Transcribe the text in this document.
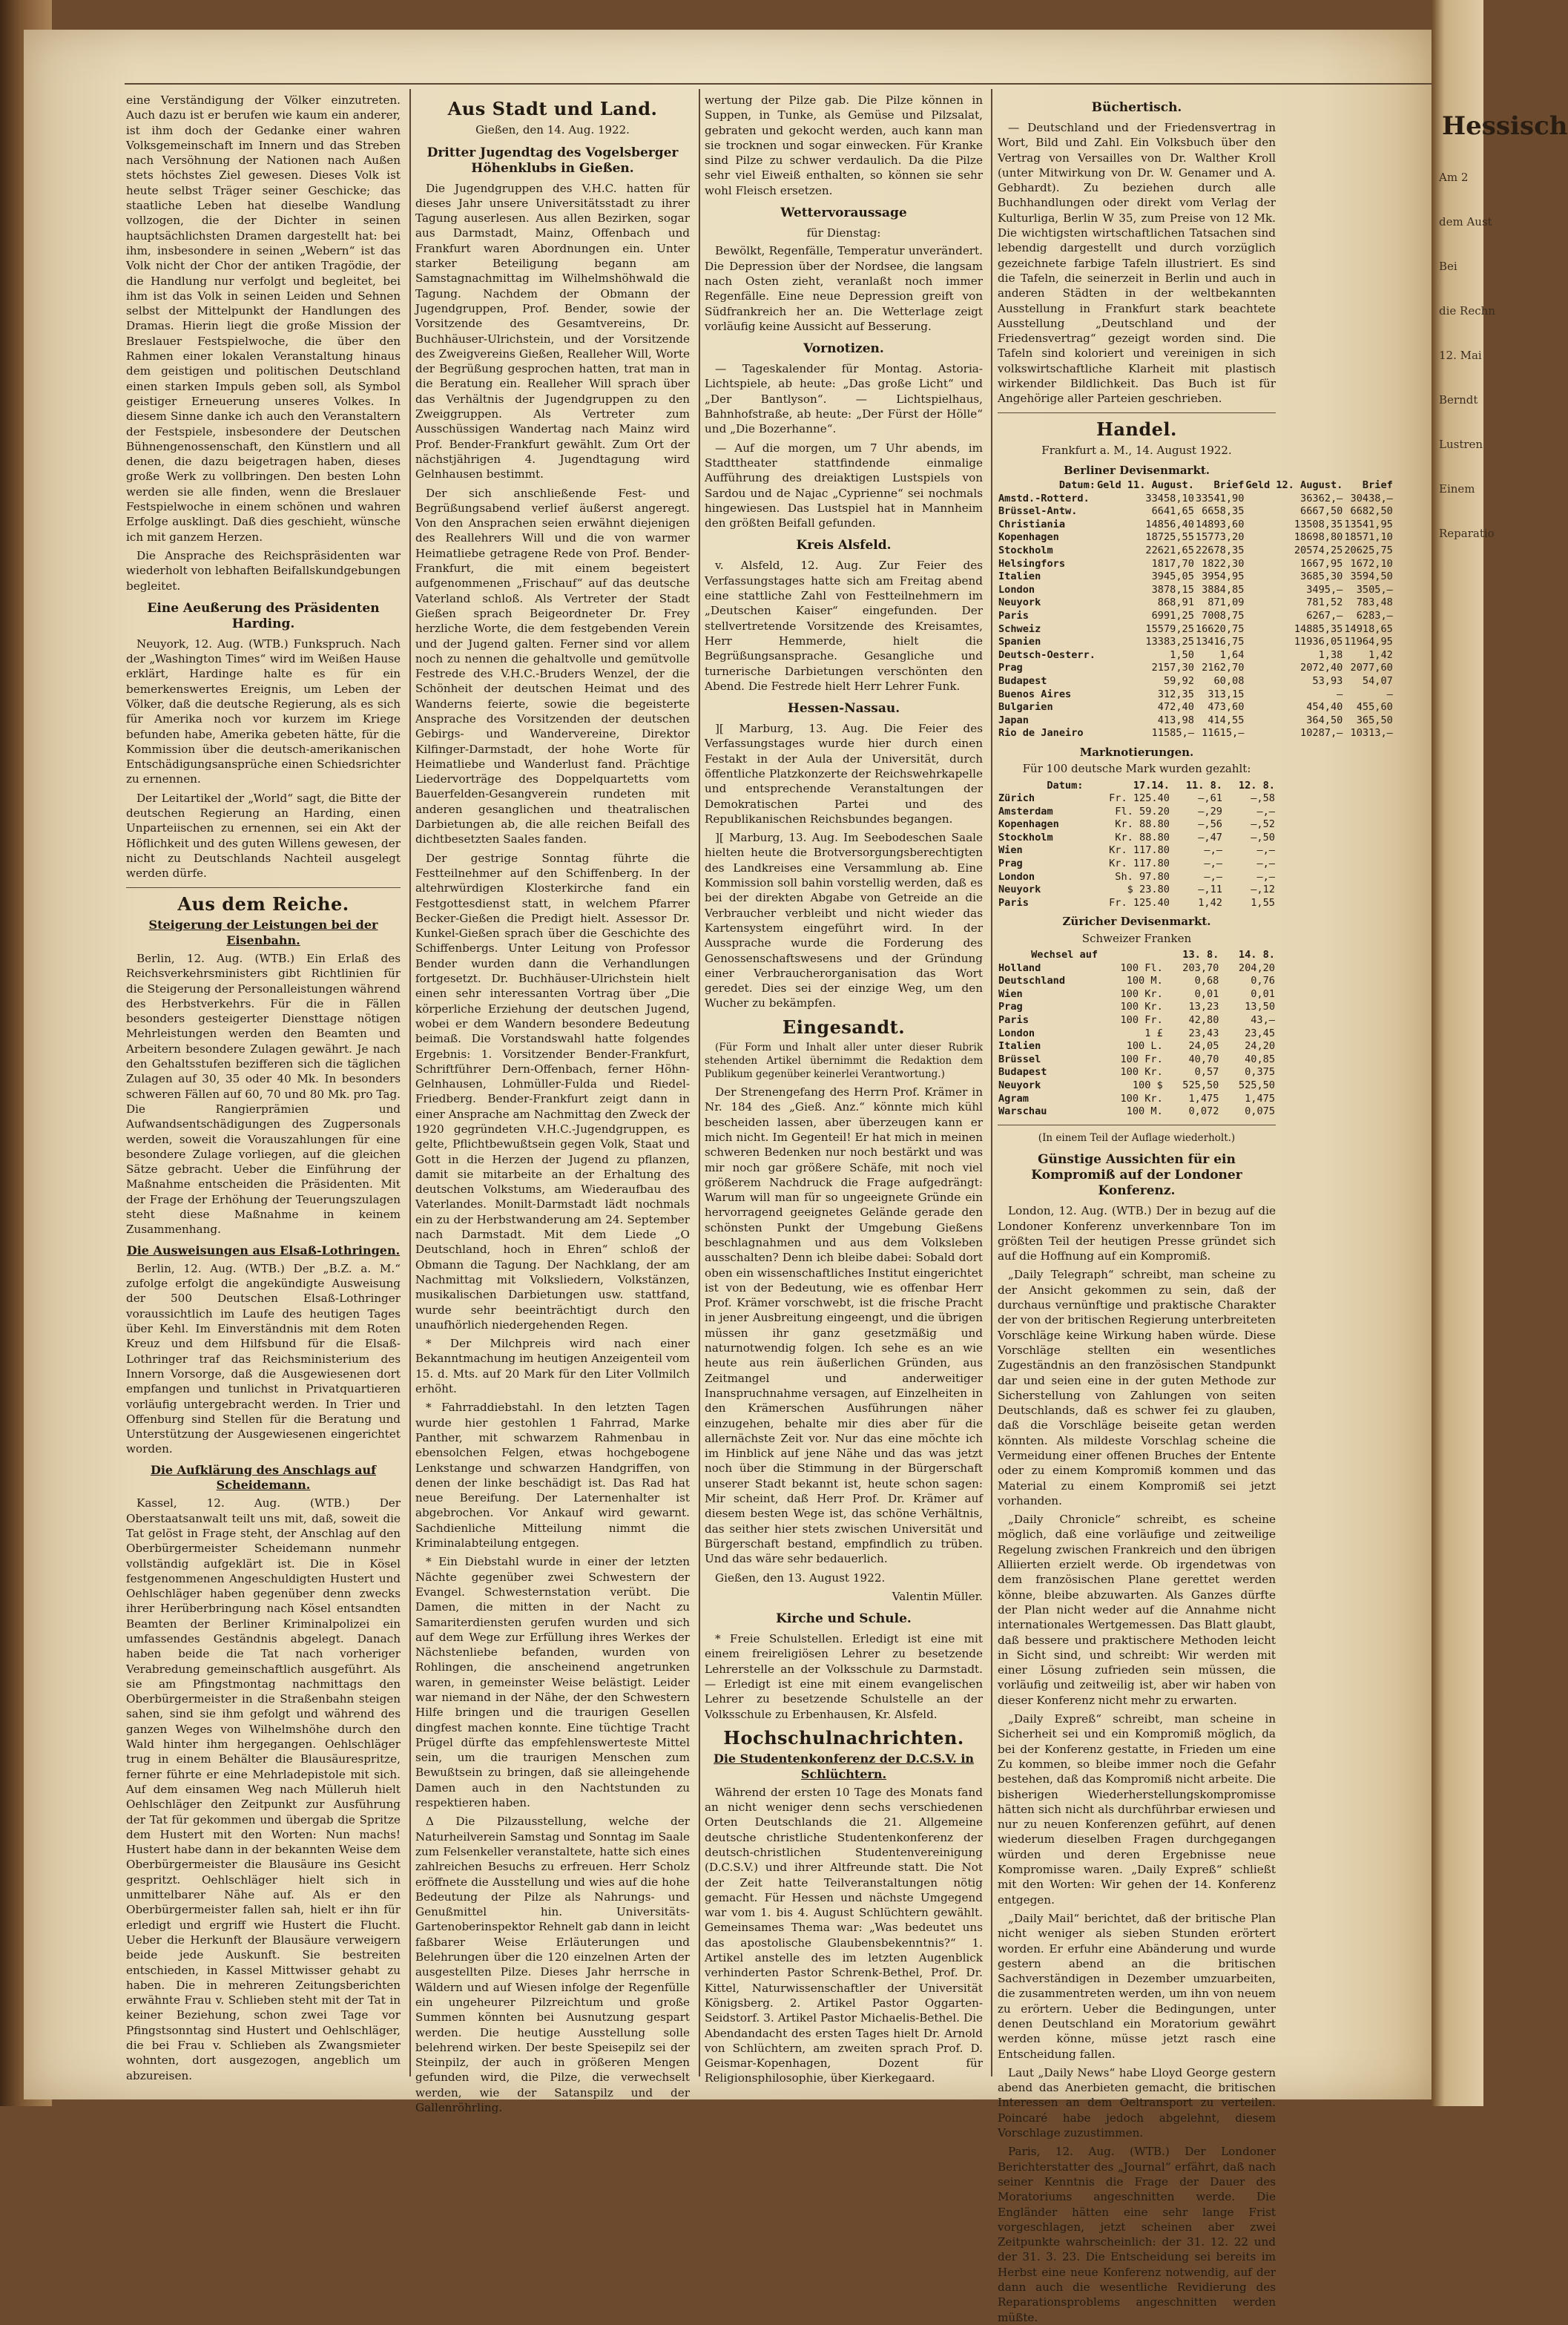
eine Verständigung der Völker einzutreten. Auch dazu ist er berufen wie kaum ein anderer, ist ihm doch der Gedanke einer wahren Volksgemeinschaft im Innern und das Streben nach Versöhnung der Nationen nach Außen stets höchstes Ziel gewesen. Dieses Volk ist heute selbst Träger seiner Geschicke; das staatliche Leben hat dieselbe Wandlung vollzogen, die der Dichter in seinen hauptsächlichsten Dramen dargestellt hat: bei ihm, insbesondere in seinen „Webern“ ist das Volk nicht der Chor der antiken Tragödie, der die Handlung nur verfolgt und begleitet, bei ihm ist das Volk in seinen Leiden und Sehnen selbst der Mittelpunkt der Handlungen des Dramas. Hierin liegt die große Mission der Breslauer Festspielwoche, die über den Rahmen einer lokalen Veranstaltung hinaus dem geistigen und politischen Deutschland einen starken Impuls geben soll, als Symbol geistiger Erneuerung unseres Volkes. In diesem Sinne danke ich auch den Veranstaltern der Festspiele, insbesondere der Deutschen Bühnengenossenschaft, den Künstlern und all denen, die dazu beigetragen haben, dieses große Werk zu vollbringen. Den besten Lohn werden sie alle finden, wenn die Breslauer Festspielwoche in einem schönen und wahren Erfolge ausklingt. Daß dies geschieht, wünsche ich mit ganzem Herzen.

Die Ansprache des Reichspräsidenten war wiederholt von lebhaften Beifallskundgebungen begleitet.

Eine Aeußerung des Präsidenten Harding.

Neuyork, 12. Aug. (WTB.) Funkspruch. Nach der „Washington Times“ wird im Weißen Hause erklärt, Hardinge halte es für ein bemerkenswertes Ereignis, um Leben der Völker, daß die deutsche Regierung, als es sich für Amerika noch vor kurzem im Kriege befunden habe, Amerika gebeten hätte, für die Kommission über die deutsch-amerikanischen Entschädigungsansprüche einen Schiedsrichter zu ernennen.

Der Leitartikel der „World“ sagt, die Bitte der deutschen Regierung an Harding, einen Unparteiischen zu ernennen, sei ein Akt der Höflichkeit und des guten Willens gewesen, der nicht zu Deutschlands Nachteil ausgelegt werden dürfe.

Aus dem Reiche.
Steigerung der Leistungen bei der Eisenbahn.

Berlin, 12. Aug. (WTB.) Ein Erlaß des Reichsverkehrsministers gibt Richtlinien für die Steigerung der Personalleistungen während des Herbstverkehrs. Für die in Fällen besonders gesteigerter Diensttage nötigen Mehrleistungen werden den Beamten und Arbeitern besondere Zulagen gewährt. Je nach den Gehaltsstufen bezifferen sich die täglichen Zulagen auf 30, 35 oder 40 Mk. In besonders schweren Fällen auf 60, 70 und 80 Mk. pro Tag. Die Rangierprämien und Aufwandsentschädigungen des Zugpersonals werden, soweit die Vorauszahlungen für eine besondere Zulage vorliegen, auf die gleichen Sätze gebracht. Ueber die Einführung der Maßnahme entscheiden die Präsidenten. Mit der Frage der Erhöhung der Teuerungszulagen steht diese Maßnahme in keinem Zusammenhang.

Die Ausweisungen aus Elsaß-Lothringen.

Berlin, 12. Aug. (WTB.) Der „B.Z. a. M.“ zufolge erfolgt die angekündigte Ausweisung der 500 Deutschen Elsaß-Lothringer voraussichtlich im Laufe des heutigen Tages über Kehl. Im Einverständnis mit dem Roten Kreuz und dem Hilfsbund für die Elsaß-Lothringer traf das Reichsministerium des Innern Vorsorge, daß die Ausgewiesenen dort empfangen und tunlichst in Privatquartieren vorläufig untergebracht werden. In Trier und Offenburg sind Stellen für die Beratung und Unterstützung der Ausgewiesenen eingerichtet worden.

Die Aufklärung des Anschlags auf Scheidemann.

Kassel, 12. Aug. (WTB.) Der Oberstaatsanwalt teilt uns mit, daß, soweit die Tat gelöst in Frage steht, der Anschlag auf den Oberbürgermeister Scheidemann nunmehr vollständig aufgeklärt ist. Die in Kösel festgenommenen Angeschuldigten Hustert und Oehlschläger haben gegenüber denn zwecks ihrer Herüberbringung nach Kösel entsandten Beamten der Berliner Kriminalpolizei ein umfassendes Geständnis abgelegt. Danach haben beide die Tat nach vorheriger Verabredung gemeinschaftlich ausgeführt. Als sie am Pfingstmontag nachmittags den Oberbürgermeister in die Straßenbahn steigen sahen, sind sie ihm gefolgt und während des ganzen Weges von Wilhelmshöhe durch den Wald hinter ihm hergegangen. Oehlschläger trug in einem Behälter die Blausäurespritze, ferner führte er eine Mehrladepistole mit sich. Auf dem einsamen Weg nach Mülleruh hielt Oehlschläger den Zeitpunkt zur Ausführung der Tat für gekommen und übergab die Spritze dem Hustert mit den Worten: Nun machs! Hustert habe dann in der bekannten Weise dem Oberbürgermeister die Blausäure ins Gesicht gespritzt. Oehlschläger hielt sich in unmittelbarer Nähe auf. Als er den Oberbürgermeister fallen sah, hielt er ihn für erledigt und ergriff wie Hustert die Flucht. Ueber die Herkunft der Blausäure verweigern beide jede Auskunft. Sie bestreiten entschieden, in Kassel Mittwisser gehabt zu haben. Die in mehreren Zeitungsberichten erwähnte Frau v. Schlieben steht mit der Tat in keiner Beziehung, schon zwei Tage vor Pfingstsonntag sind Hustert und Oehlschläger, die bei Frau v. Schlieben als Zwangsmieter wohnten, dort ausgezogen, angeblich um abzureisen.

Aus Stadt und Land.
Gießen, den 14. Aug. 1922.
Dritter Jugendtag des Vogelsberger Höhenklubs in Gießen.

Die Jugendgruppen des V.H.C. hatten für dieses Jahr unsere Universitätsstadt zu ihrer Tagung auserlesen. Aus allen Bezirken, sogar aus Darmstadt, Mainz, Offenbach und Frankfurt waren Abordnungen ein. Unter starker Beteiligung begann am Samstagnachmittag im Wilhelmshöhwald die Tagung. Nachdem der Obmann der Jugendgruppen, Prof. Bender, sowie der Vorsitzende des Gesamtvereins, Dr. Buchhäuser-Ulrichstein, und der Vorsitzende des Zweigvereins Gießen, Realleher Will, Worte der Begrüßung gesprochen hatten, trat man in die Beratung ein. Realleher Will sprach über das Verhältnis der Jugendgruppen zu den Zweiggruppen. Als Vertreter zum Ausschüssigen Wandertag nach Mainz wird Prof. Bender-Frankfurt gewählt. Zum Ort der nächstjährigen 4. Jugendtagung wird Gelnhausen bestimmt.

Der sich anschließende Fest- und Begrüßungsabend verlief äußerst angeregt. Von den Ansprachen seien erwähnt diejenigen des Reallehrers Will und die von warmer Heimatliebe getragene Rede von Prof. Bender-Frankfurt, die mit einem begeistert aufgenommenen „Frischauf“ auf das deutsche Vaterland schloß. Als Vertreter der Stadt Gießen sprach Beigeordneter Dr. Frey herzliche Worte, die dem festgebenden Verein und der Jugend galten. Ferner sind vor allem noch zu nennen die gehaltvolle und gemütvolle Festrede des V.H.C.-Bruders Wenzel, der die Schönheit der deutschen Heimat und des Wanderns feierte, sowie die begeisterte Ansprache des Vorsitzenden der deutschen Gebirgs- und Wandervereine, Direktor Kilfinger-Darmstadt, der hohe Worte für Heimatliebe und Wanderlust fand. Prächtige Liedervorträge des Doppelquartetts vom Bauerfelden-Gesangverein rundeten mit anderen gesanglichen und theatralischen Darbietungen ab, die alle reichen Beifall des dichtbesetzten Saales fanden.

Der gestrige Sonntag führte die Festteilnehmer auf den Schiffenberg. In der altehrwürdigen Klosterkirche fand ein Festgottesdienst statt, in welchem Pfarrer Becker-Gießen die Predigt hielt. Assessor Dr. Kunkel-Gießen sprach über die Geschichte des Schiffenbergs. Unter Leitung von Professor Bender wurden dann die Verhandlungen fortgesetzt. Dr. Buchhäuser-Ulrichstein hielt einen sehr interessanten Vortrag über „Die körperliche Erziehung der deutschen Jugend, wobei er dem Wandern besondere Bedeutung beimaß. Die Vorstandswahl hatte folgendes Ergebnis: 1. Vorsitzender Bender-Frankfurt, Schriftführer Dern-Offenbach, ferner Höhn-Gelnhausen, Lohmüller-Fulda und Riedel-Friedberg. Bender-Frankfurt zeigt dann in einer Ansprache am Nachmittag den Zweck der 1920 gegründeten V.H.C.-Jugendgruppen, es gelte, Pflichtbewußtsein gegen Volk, Staat und Gott in die Herzen der Jugend zu pflanzen, damit sie mitarbeite an der Erhaltung des deutschen Volkstums, am Wiederaufbau des Vaterlandes. Monilt-Darmstadt lädt nochmals ein zu der Herbstwanderung am 24. September nach Darmstadt. Mit dem Liede „O Deutschland, hoch in Ehren“ schloß der Obmann die Tagung. Der Nachklang, der am Nachmittag mit Volksliedern, Volkstänzen, musikalischen Darbietungen usw. stattfand, wurde sehr beeinträchtigt durch den unaufhörlich niedergehenden Regen.

* Der Milchpreis wird nach einer Bekanntmachung im heutigen Anzeigenteil vom 15. d. Mts. auf 20 Mark für den Liter Vollmilch erhöht.

* Fahrraddiebstahl. In den letzten Tagen wurde hier gestohlen 1 Fahrrad, Marke Panther, mit schwarzem Rahmenbau in ebensolchen Felgen, etwas hochgebogene Lenkstange und schwarzen Handgriffen, von denen der linke beschädigt ist. Das Rad hat neue Bereifung. Der Laternenhalter ist abgebrochen. Vor Ankauf wird gewarnt. Sachdienliche Mitteilung nimmt die Kriminalabteilung entgegen.

* Ein Diebstahl wurde in einer der letzten Nächte gegenüber zwei Schwestern der Evangel. Schwesternstation verübt. Die Damen, die mitten in der Nacht zu Samariterdiensten gerufen wurden und sich auf dem Wege zur Erfüllung ihres Werkes der Nächstenliebe befanden, wurden von Rohlingen, die anscheinend angetrunken waren, in gemeinster Weise belästigt. Leider war niemand in der Nähe, der den Schwestern Hilfe bringen und die traurigen Gesellen dingfest machen konnte. Eine tüchtige Tracht Prügel dürfte das empfehlenswerteste Mittel sein, um die traurigen Menschen zum Bewußtsein zu bringen, daß sie alleingehende Damen auch in den Nachtstunden zu respektieren haben.

Δ Die Pilzausstellung, welche der Naturheilverein Samstag und Sonntag im Saale zum Felsenkeller veranstaltete, hatte sich eines zahlreichen Besuchs zu erfreuen. Herr Scholz eröffnete die Ausstellung und wies auf die hohe Bedeutung der Pilze als Nahrungs- und Genußmittel hin. Universitäts-Gartenoberinspektor Rehnelt gab dann in leicht faßbarer Weise Erläuterungen und Belehrungen über die 120 einzelnen Arten der ausgestellten Pilze. Dieses Jahr herrsche in Wäldern und auf Wiesen infolge der Regenfülle ein ungeheurer Pilzreichtum und große Summen könnten bei Ausnutzung gespart werden. Die heutige Ausstellung solle belehrend wirken. Der beste Speisepilz sei der Steinpilz, der auch in größeren Mengen gefunden wird, die Pilze, die verwechselt werden, wie der Satanspilz und der Gallenröhrling.

wertung der Pilze gab. Die Pilze können in Suppen, in Tunke, als Gemüse und Pilzsalat, gebraten und gekocht werden, auch kann man sie trocknen und sogar einwecken. Für Kranke sind Pilze zu schwer verdaulich. Da die Pilze sehr viel Eiweiß enthalten, so können sie sehr wohl Fleisch ersetzen.

Wettervoraussage
für Dienstag:

Bewölkt, Regenfälle, Temperatur unverändert. Die Depression über der Nordsee, die langsam nach Osten zieht, veranlaßt noch immer Regenfälle. Eine neue Depression greift von Südfrankreich her an. Die Wetterlage zeigt vorläufig keine Aussicht auf Besserung.

Vornotizen.

— Tageskalender für Montag. Astoria-Lichtspiele, ab heute: „Das große Licht“ und „Der Bantlyson“. — Lichtspielhaus, Bahnhofstraße, ab heute: „Der Fürst der Hölle“ und „Die Bozerhanne“.

— Auf die morgen, um 7 Uhr abends, im Stadttheater stattfindende einmalige Aufführung des dreiaktigen Lustspiels von Sardou und de Najac „Cyprienne“ sei nochmals hingewiesen. Das Lustspiel hat in Mannheim den größten Beifall gefunden.

Kreis Alsfeld.

v. Alsfeld, 12. Aug. Zur Feier des Verfassungstages hatte sich am Freitag abend eine stattliche Zahl von Festteilnehmern im „Deutschen Kaiser“ eingefunden. Der stellvertretende Vorsitzende des Kreisamtes, Herr Hemmerde, hielt die Begrüßungsansprache. Gesangliche und turnerische Darbietungen verschönten den Abend. Die Festrede hielt Herr Lehrer Funk.

Hessen-Nassau.

][ Marburg, 13. Aug. Die Feier des Verfassungstages wurde hier durch einen Festakt in der Aula der Universität, durch öffentliche Platzkonzerte der Reichswehrkapelle und entsprechende Veranstaltungen der Demokratischen Partei und des Republikanischen Reichsbundes begangen.

][ Marburg, 13. Aug. Im Seebodeschen Saale hielten heute die Brotversorgungsberechtigten des Landkreises eine Versammlung ab. Eine Kommission soll bahin vorstellig werden, daß es bei der direkten Abgabe von Getreide an die Verbraucher verbleibt und nicht wieder das Kartensystem eingeführt wird. In der Aussprache wurde die Forderung des Genossenschaftswesens und der Gründung einer Verbraucherorganisation das Wort geredet. Dies sei der einzige Weg, um den Wucher zu bekämpfen.

Eingesandt.

(Für Form und Inhalt aller unter dieser Rubrik stehenden Artikel übernimmt die Redaktion dem Publikum gegenüber keinerlei Verantwortung.)

Der Strenengefang des Herrn Prof. Krämer in Nr. 184 des „Gieß. Anz.“ könnte mich kühl bescheiden lassen, aber überzeugen kann er mich nicht. Im Gegenteil! Er hat mich in meinen schweren Bedenken nur noch bestärkt und was mir noch gar größere Schäfe, mit noch viel größerem Nachdruck die Frage aufgedrängt: Warum will man für so ungeeignete Gründe ein hervorragend geeignetes Gelände gerade den schönsten Punkt der Umgebung Gießens beschlagnahmen und aus dem Volksleben ausschalten? Denn ich bleibe dabei: Sobald dort oben ein wissenschaftliches Institut eingerichtet ist von der Bedeutung, wie es offenbar Herr Prof. Krämer vorschwebt, ist die frische Pracht in jener Ausbreitung eingeengt, und die übrigen müssen ihr ganz gesetzmäßig und naturnotwendig folgen. Ich sehe es an wie heute aus rein äußerlichen Gründen, aus Zeitmangel und anderweitiger Inanspruchnahme versagen, auf Einzelheiten in den Krämerschen Ausführungen näher einzugehen, behalte mir dies aber für die allernächste Zeit vor. Nur das eine möchte ich im Hinblick auf jene Nähe und das was jetzt noch über die Stimmung in der Bürgerschaft unserer Stadt bekannt ist, heute schon sagen: Mir scheint, daß Herr Prof. Dr. Krämer auf diesem besten Wege ist, das schöne Verhältnis, das seither hier stets zwischen Universität und Bürgerschaft bestand, empfindlich zu trüben. Und das wäre sehr bedauerlich.

Gießen, den 13. August 1922.

Valentin Müller.
Kirche und Schule.

* Freie Schulstellen. Erledigt ist eine mit einem freireligiösen Lehrer zu besetzende Lehrerstelle an der Volksschule zu Darmstadt. — Erledigt ist eine mit einem evangelischen Lehrer zu besetzende Schulstelle an der Volksschule zu Erbenhausen, Kr. Alsfeld.

Hochschulnachrichten.
Die Studentenkonferenz der D.C.S.V. in Schlüchtern.

Während der ersten 10 Tage des Monats fand an nicht weniger denn sechs verschiedenen Orten Deutschlands die 21. Allgemeine deutsche christliche Studentenkonferenz der deutsch-christlichen Studentenvereinigung (D.C.S.V.) und ihrer Altfreunde statt. Die Not der Zeit hatte Teilveranstaltungen nötig gemacht. Für Hessen und nächste Umgegend war vom 1. bis 4. August Schlüchtern gewählt. Gemeinsames Thema war: „Was bedeutet uns das apostolische Glaubensbekenntnis?“ 1. Artikel anstelle des im letzten Augenblick verhinderten Pastor Schrenk-Bethel, Prof. Dr. Kittel, Naturwissenschaftler der Universität Königsberg. 2. Artikel Pastor Oggarten-Seidstorf. 3. Artikel Pastor Michaelis-Bethel. Die Abendandacht des ersten Tages hielt Dr. Arnold von Schlüchtern, am zweiten sprach Prof. D. Geismar-Kopenhagen, Dozent für Religionsphilosophie, über Kierkegaard.

Büchertisch.

— Deutschland und der Friedensvertrag in Wort, Bild und Zahl. Ein Volksbuch über den Vertrag von Versailles von Dr. Walther Kroll (unter Mitwirkung von Dr. W. Genamer und A. Gebhardt). Zu beziehen durch alle Buchhandlungen oder direkt vom Verlag der Kulturliga, Berlin W 35, zum Preise von 12 Mk. Die wichtigsten wirtschaftlichen Tatsachen sind lebendig dargestellt und durch vorzüglich gezeichnete farbige Tafeln illustriert. Es sind die Tafeln, die seinerzeit in Berlin und auch in anderen Städten in der weltbekannten Ausstellung in Frankfurt stark beachtete Ausstellung „Deutschland und der Friedensvertrag“ gezeigt worden sind. Die Tafeln sind koloriert und vereinigen in sich volkswirtschaftliche Klarheit mit plastisch wirkender Bildlichkeit. Das Buch ist für Angehörige aller Parteien geschrieben.

Handel.
Frankfurt a. M., 14. August 1922.
Berliner Devisenmarkt.
Datum:	Geld 11. August.	Brief	Geld 12. August.	Brief
Amstd.-Rotterd.	33458,10	33541,90	36362,—	30438,—
Brüssel-Antw.	6641,65	6658,35	6667,50	6682,50
Christiania	14856,40	14893,60	13508,35	13541,95
Kopenhagen	18725,55	15773,20	18698,80	18571,10
Stockholm	22621,65	22678,35	20574,25	20625,75
Helsingfors	1817,70	1822,30	1667,95	1672,10
Italien	3945,05	3954,95	3685,30	3594,50
London	3878,15	3884,85	3495,—	3505,—
Neuyork	868,91	871,09	781,52	783,48
Paris	6991,25	7008,75	6267,—	6283,—
Schweiz	15579,25	16620,75	14885,35	14918,65
Spanien	13383,25	13416,75	11936,05	11964,95
Deutsch-Oesterr.	1,50	1,64	1,38	1,42
Prag	2157,30	2162,70	2072,40	2077,60
Budapest	59,92	60,08	53,93	54,07
Buenos Aires	312,35	313,15	—	—
Bulgarien	472,40	473,60	454,40	455,60
Japan	413,98	414,55	364,50	365,50
Rio de Janeiro	11585,—	11615,—	10287,—	10313,—
Marknotierungen.
Für 100 deutsche Mark wurden gezahlt:
Datum:	17.14.	11. 8.	12. 8.
Zürich	Fr. 125.40	—,61	—,58
Amsterdam	Fl. 59.20	—,29	—,—
Kopenhagen	Kr. 88.80	—,56	—,52
Stockholm	Kr. 88.80	—,47	—,50
Wien	Kr. 117.80	—,—	—,—
Prag	Kr. 117.80	—,—	—,—
London	Sh. 97.80	—,—	—,—
Neuyork	$ 23.80	—,11	—,12
Paris	Fr. 125.40	1,42	1,55
Züricher Devisenmarkt.
Schweizer Franken
Wechsel auf		13. 8.	14. 8.
Holland	100 Fl.	203,70	204,20
Deutschland	100 M.	0,68	0,76
Wien	100 Kr.	0,01	0,01
Prag	100 Kr.	13,23	13,50
Paris	100 Fr.	42,80	43,—
London	1 £	23,43	23,45
Italien	100 L.	24,05	24,20
Brüssel	100 Fr.	40,70	40,85
Budapest	100 Kr.	0,57	0,375
Neuyork	100 $	525,50	525,50
Agram	100 Kr.	1,475	1,475
Warschau	100 M.	0,072	0,075

(In einem Teil der Auflage wiederholt.)

Günstige Aussichten für ein Kompromiß auf der Londoner Konferenz.

London, 12. Aug. (WTB.) Der in bezug auf die Londoner Konferenz unverkennbare Ton im größten Teil der heutigen Presse gründet sich auf die Hoffnung auf ein Kompromiß.

„Daily Telegraph“ schreibt, man scheine zu der Ansicht gekommen zu sein, daß der durchaus vernünftige und praktische Charakter der von der britischen Regierung unterbreiteten Vorschläge keine Wirkung haben würde. Diese Vorschläge stellten ein wesentliches Zugeständnis an den französischen Standpunkt dar und seien eine in der guten Methode zur Sicherstellung von Zahlungen von seiten Deutschlands, daß es schwer fei zu glauben, daß die Vorschläge beiseite getan werden könnten. Als mildeste Vorschlag scheine die Vermeidung einer offenen Bruches der Entente oder zu einem Kompromiß kommen und das Material zu einem Kompromiß sei jetzt vorhanden.

„Daily Chronicle“ schreibt, es scheine möglich, daß eine vorläufige und zeitweilige Regelung zwischen Frankreich und den übrigen Alliierten erzielt werde. Ob irgendetwas von dem französischen Plane gerettet werden könne, bleibe abzuwarten. Als Ganzes dürfte der Plan nicht weder auf die Annahme nicht internationales Wertgemessen. Das Blatt glaubt, daß bessere und praktischere Methoden leicht in Sicht sind, und schreibt: Wir werden mit einer Lösung zufrieden sein müssen, die vorläufig und zeitweilig ist, aber wir haben von dieser Konferenz nicht mehr zu erwarten.

„Daily Expreß“ schreibt, man scheine in Sicherheit sei und ein Kompromiß möglich, da bei der Konferenz gestatte, in Frieden um eine Zu kommen, so bleibe immer noch die Gefahr bestehen, daß das Kompromiß nicht arbeite. Die bisherigen Wiederherstellungskompromisse hätten sich nicht als durchführbar erwiesen und nur zu neuen Konferenzen geführt, auf denen wiederum dieselben Fragen durchgegangen würden und deren Ergebnisse neue Kompromisse waren. „Daily Expreß“ schließt mit den Worten: Wir gehen der 14. Konferenz entgegen.

„Daily Mail“ berichtet, daß der britische Plan nicht weniger als sieben Stunden erörtert worden. Er erfuhr eine Abänderung und wurde gestern abend an die britischen Sachverständigen in Dezember umzuarbeiten, die zusammentreten werden, um ihn von neuem zu erörtern. Ueber die Bedingungen, unter denen Deutschland ein Moratorium gewährt werden könne, müsse jetzt rasch eine Entscheidung fallen.

Laut „Daily News“ habe Lloyd George gestern abend das Anerbieten gemacht, die britischen Interessen an dem Oeltransport zu verteilen. Poincaré habe jedoch abgelehnt, diesem Vorschlage zuzustimmen.

Paris, 12. Aug. (WTB.) Der Londoner Berichterstatter des „Journal“ erfährt, daß nach seiner Kenntnis die Frage der Dauer des Moratoriums angeschnitten werde. Die Engländer hätten eine sehr lange Frist vorgeschlagen, jetzt scheinen aber zwei Zeitpunkte wahrscheinlich: der 31. 12. 22 und der 31. 3. 23. Die Entscheidung sei bereits im Herbst eine neue Konferenz notwendig, auf der dann auch die wesentliche Revidierung des Reparationsproblems angeschnitten werden müßte.

Hessisch
Am 2
dem Aust
Bei
die Rechn
12. Mai
Berndt
Lustren
Einem
Reparatio
